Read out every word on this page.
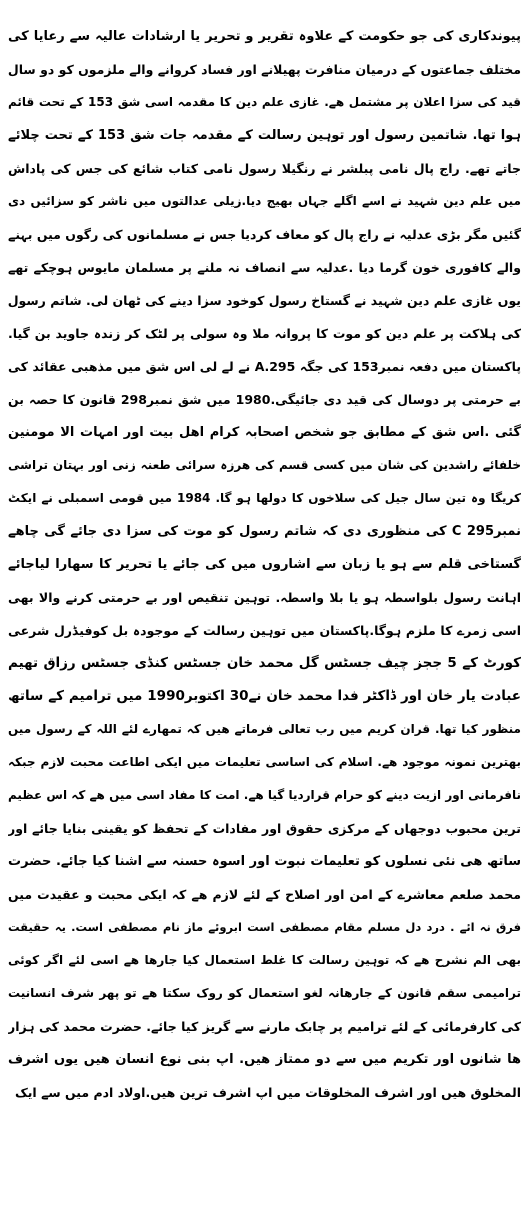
پیوندکاری کی جو حکومت کے علاوہ تقریر و تحریر یا ارشادات عالیہ سے رعایا کی
مختلف جماعتوں کے درمیان منافرت پھیلانے اور فساد کروانے والے ملزموں کو دو سال
قید کی سزا اعلان پر مشتمل ھے. غازی علم دین کا مقدمہ اسی شق 153 کے تحت قائم
ہوا تھا. شاتمین رسول اور توہین رسالت کے مقدمہ جات شق 153 کے تحت چلائے
جاتے تھے. راج پال نامی پبلشر نے رنگیلا رسول نامی کتاب شائع کی جس کی پاداش
میں علم دین شہید نے اسے اگلے جہاں بھیج دیا.زیلی عدالتوں میں ناشر کو سزائیں دی
گئیں مگر بڑی عدلیہ نے راج پال کو معاف کردیا جس نے مسلمانوں کی رگوں میں بہنے
والے کافوری خون گرما دیا .عدلیہ سے انصاف نہ ملنے پر مسلمان مایوس ہوچکے تھے
یوں غازی علم دین شہید نے گستاخ رسول کوخود سزا دینے کی ٹھان لی. شاتم رسول
کی ہلاکت پر علم دین کو موت کا پروانہ ملا وہ سولی پر لٹک کر زندہ جاوید بن گیا.
پاکستان میں دفعہ نمبر153 کی جگہ 295.A نے لے لی اس شق میں مذھبی عقائد کی
بے حرمتی پر دوسال کی قید دی جائیگی.1980 میں شق نمبر298 قانون کا حصہ بن
گئی .اس شق کے مطابق جو شخص اصحابہ کرام اھل بیت اور امہات الا مومنین
خلفائے راشدین کی شان میں کسی قسم کی ھرزہ سرائی طعنہ زنی اور بہتان تراشی
کریگا وہ تین سال جیل کی سلاخوں کا دولھا ہو گا. 1984 میں قومی اسمبلی نے ایکٹ
نمبرC 295 کی منظوری دی کہ شاتم رسول کو موت کی سزا دی جائے گی چاھے
گستاخی قلم سے ہو یا زبان سے اشاروں میں کی جائے یا تحریر کا سھارا لیاجائے
اہانت رسول بلواسطہ ہو یا بلا واسطہ. توہین تنقیص اور بے حرمتی کرنے والا بھی
اسی زمرے کا ملزم ہوگا.پاکستان میں توہین رسالت کے موجودہ بل کوفیڈرل شرعی
کورٹ کے 5 ججز چیف جسٹس گل محمد خان جسٹس کنڈی جسٹس رزاق تھیم
عبادت یار خان اور ڈاکٹر فدا محمد خان نے30 اکتوبر1990 میں ترامیم کے ساتھ
منظور کیا تھا. قران کریم میں رب تعالی فرماتے ھیں کہ تمھارے لئے اللہ کے رسول میں
بھترین نمونہ موجود ھے. اسلام کی اساسی تعلیمات میں ایکی اطاعت محبت لازم جبکہ
نافرمانی اور ازیت دینے کو حرام قراردیا گیا ھے. امت کا مفاد اسی میں ھے کہ اس عظیم
ترین محبوب دوجھاں کے مرکزی حقوق اور مفادات کے تحفظ کو یقینی بنایا جائے اور
ساتھ ھی نئی نسلوں کو تعلیمات نبوت اور اسوہ حسنہ سے اشنا کیا جائے. حضرت
محمد صلعم معاشرے کے امن اور اصلاح کے لئے لازم ھے کہ ایکی محبت و عقیدت میں
فرق نہ ائے . درد دل مسلم مقام مصطفی است ابروئے ماز نام مصطفی است. یہ حقیقت
بھی الم نشرح ھے کہ توہین رسالت کا غلط استعمال کیا جارھا ھے اسی لئے اگر کوئی
ترامیمی سقم قانون کے جارھانہ لغو استعمال کو روک سکتا ھے تو پھر شرف انسانیت
کی کارفرمائی کے لئے ترامیم پر چابک مارنے سے گریز کیا جائے. حضرت محمد کی ہزار
ھا شانوں اور تکریم میں سے دو ممتاز ھیں. اپ بنی نوع انسان ھیں یوں اشرف
المخلوق ھیں اور اشرف المخلوقات میں اپ اشرف ترین ھیں.اولاد ادم میں سے ایک
